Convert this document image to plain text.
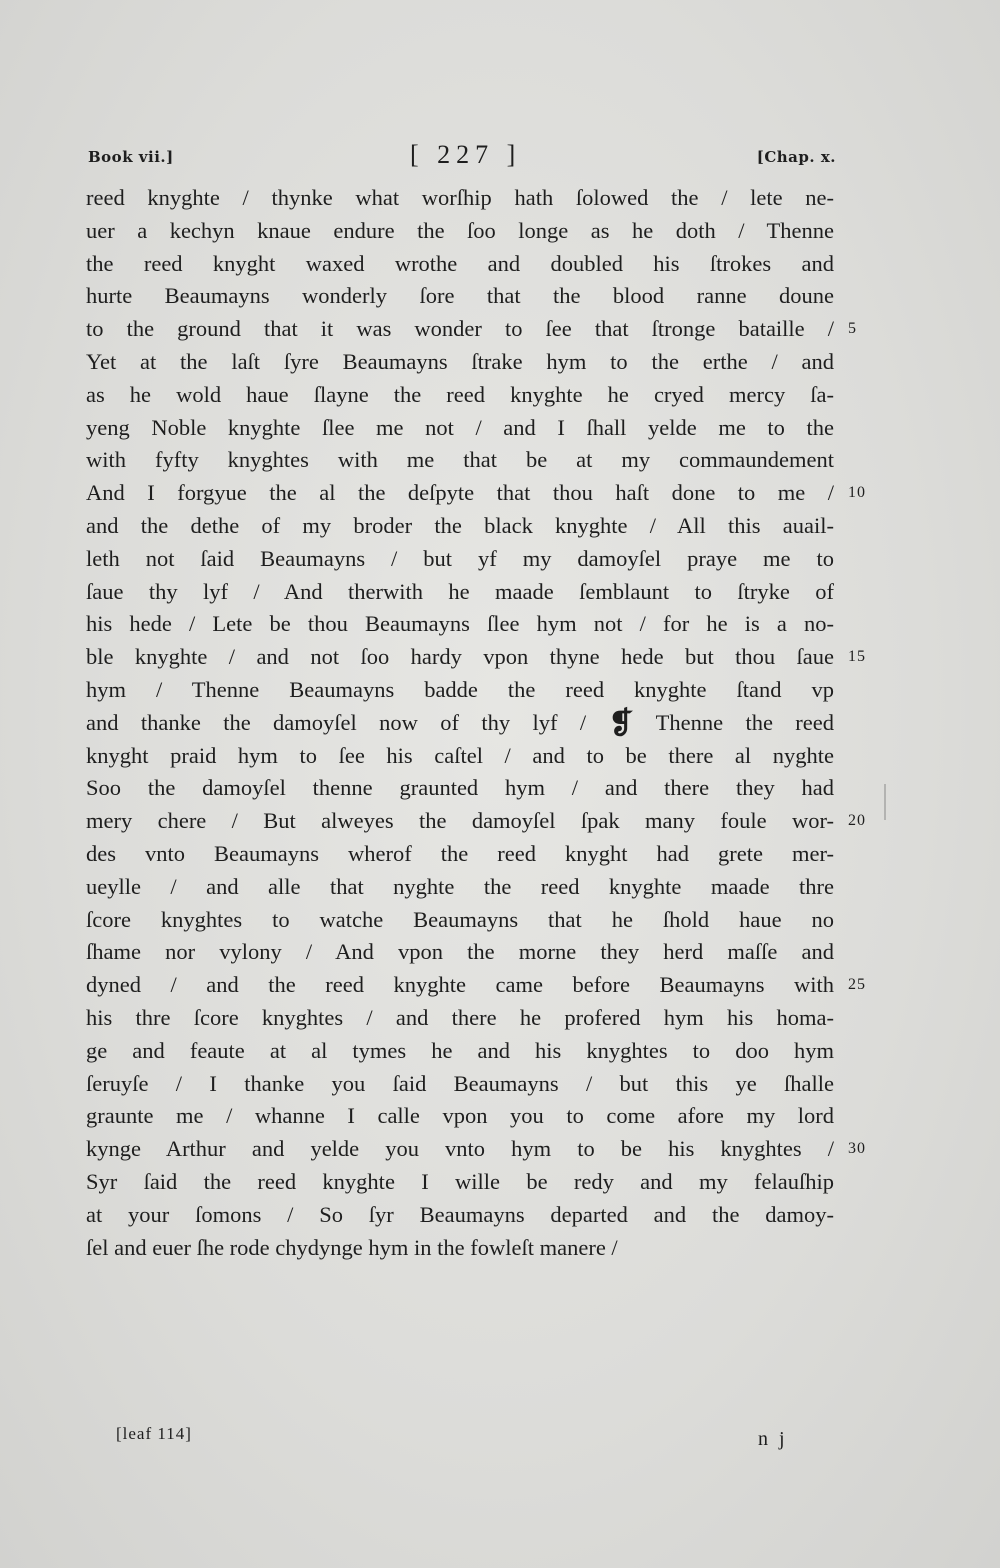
Book vii.]	[ 227 ]	[Chap. x.
reed knyghte / thynke what worſhip hath ſolowed the / lete ne-
uer a kechyn knaue endure the ſoo longe as he doth / Thenne
the reed knyght waxed wrothe and doubled his ſtrokes and
hurte Beaumayns wonderly ſore that the blood ranne doune
to the ground that it was wonder to ſee that ſtronge bataille / 5
Yet at the laſt ſyre Beaumayns ſtrake hym to the erthe / and
as he wold haue ſlayne the reed knyghte he cryed mercy ſa-
yeng Noble knyghte ſlee me not / and I ſhall yelde me to the
with fyfty knyghtes with me that be at my commaundement
And I forgyue the al the deſpyte that thou haſt done to me / 10
and the dethe of my broder the black knyghte / All this auail-
leth not ſaid Beaumayns / but yf my damoyſel praye me to
ſaue thy lyf / And therwith he maade ſemblaunt to ſtryke of
his hede / Lete be thou Beaumayns ſlee hym not / for he is a no-
ble knyghte / and not ſoo hardy vpon thyne hede but thou ſaue 15
hym / Thenne Beaumayns badde the reed knyghte ſtand vp
and thanke the damoyſel now of thy lyf / ❡ Thenne the reed
knyght praid hym to ſee his caſtel / and to be there al nyghte
Soo the damoyſel thenne graunted hym / and there they had
mery chere / But alweyes the damoyſel ſpak many foule wor- 20
des vnto Beaumayns wherof the reed knyght had grete mer-
ueylle / and alle that nyghte the reed knyghte maade thre
ſcore knyghtes to watche Beaumayns that he ſhold haue no
ſhame nor vylony / And vpon the morne they herd maſſe and
dyned / and the reed knyghte came before Beaumayns with 25
his thre ſcore knyghtes / and there he profered hym his homa-
ge and feaute at al tymes he and his knyghtes to doo hym
ſeruyſe / I thanke you ſaid Beaumayns / but this ye ſhalle
graunte me / whanne I calle vpon you to come afore my lord
kynge Arthur and yelde you vnto hym to be his knyghtes / 30
Syr ſaid the reed knyghte I wille be redy and my felauſhip
at your ſomons / So ſyr Beaumayns departed and the damoy-
ſel and euer ſhe rode chydynge hym in the fowleſt manere /
[leaf 114]	n j
